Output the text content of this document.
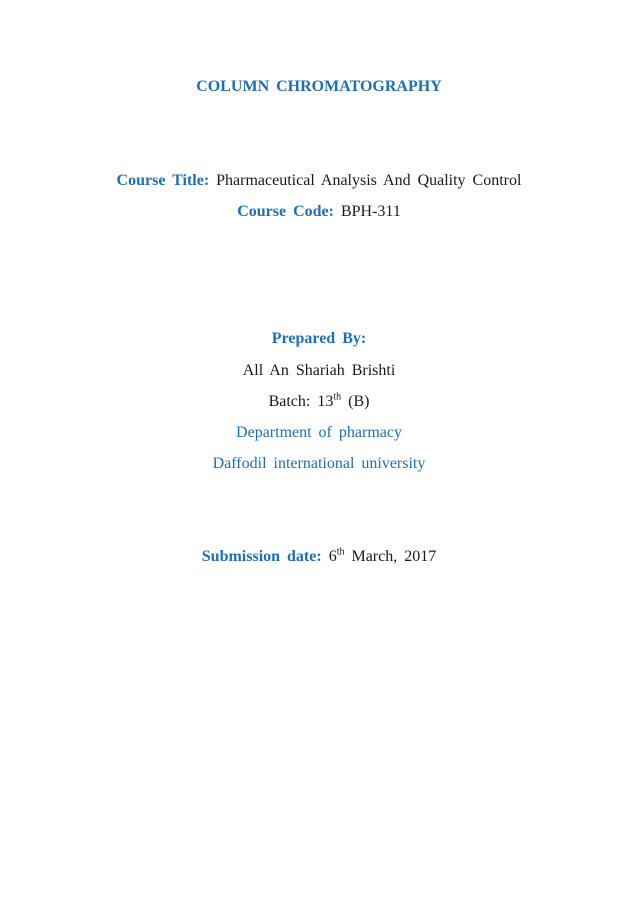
COLUMN CHROMATOGRAPHY
Course Title: Pharmaceutical Analysis And Quality Control
Course Code: BPH-311
Prepared By:
All An Shariah Brishti
Batch: 13th (B)
Department of pharmacy
Daffodil international university
Submission date: 6th March, 2017
